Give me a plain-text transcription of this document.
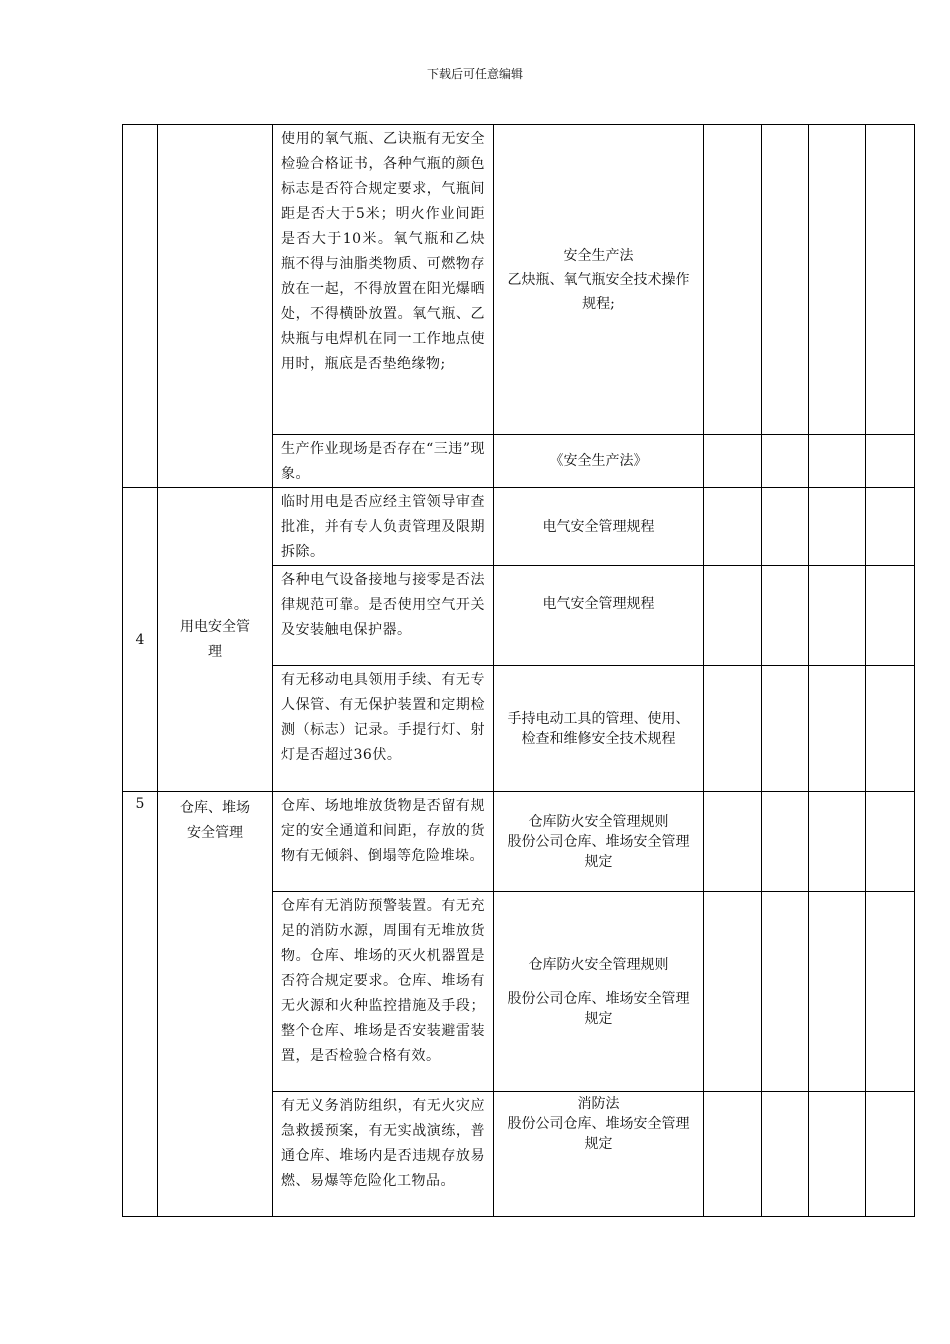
下载后可任意编辑
		使用的氧气瓶、乙诀瓶有无安全检验合格证书，各种气瓶的颜色标志是否符合规定要求，气瓶间距是否大于5米；明火作业间距是否大于10米。氧气瓶和乙炔瓶不得与油脂类物质、可燃物存放在一起，不得放置在阳光爆晒处，不得横卧放置。氧气瓶、乙炔瓶与电焊机在同一工作地点使用时，瓶底是否垫绝缘物;	安全生产法
乙炔瓶、氧气瓶安全技术操作规程;				

		生产作业现场是否存在“三违”现象。	《安全生产法》				

4	用电安全管理	临时用电是否应经主管领导审查批准，并有专人负责管理及限期拆除。	电气安全管理规程				

		各种电气设备接地与接零是否法律规范可靠。是否使用空气开关及安装触电保护器。	电气安全管理规程				

		有无移动电具领用手续、有无专人保管、有无保护装置和定期检测（标志）记录。手提行灯、射灯是否超过36伏。	手持电动工具的管理、使用、检查和维修安全技术规程				

5	仓库、堆场安全管理	仓库、场地堆放货物是否留有规定的安全通道和间距，存放的货物有无倾斜、倒塌等危险堆垛。	仓库防火安全管理规则
股份公司仓库、堆场安全管理规定				

		仓库有无消防预警装置。有无充足的消防水源，周围有无堆放货物。仓库、堆场的灭火机器置是否符合规定要求。仓库、堆场有无火源和火种监控措施及手段；整个仓库、堆场是否安装避雷装置，是否检验合格有效。	仓库防火安全管理规则
股份公司仓库、堆场安全管理规定				

		有无义务消防组织，有无火灾应急救援预案，有无实战演练，普通仓库、堆场内是否违规存放易燃、易爆等危险化工物品。	消防法
股份公司仓库、堆场安全管理规定				
